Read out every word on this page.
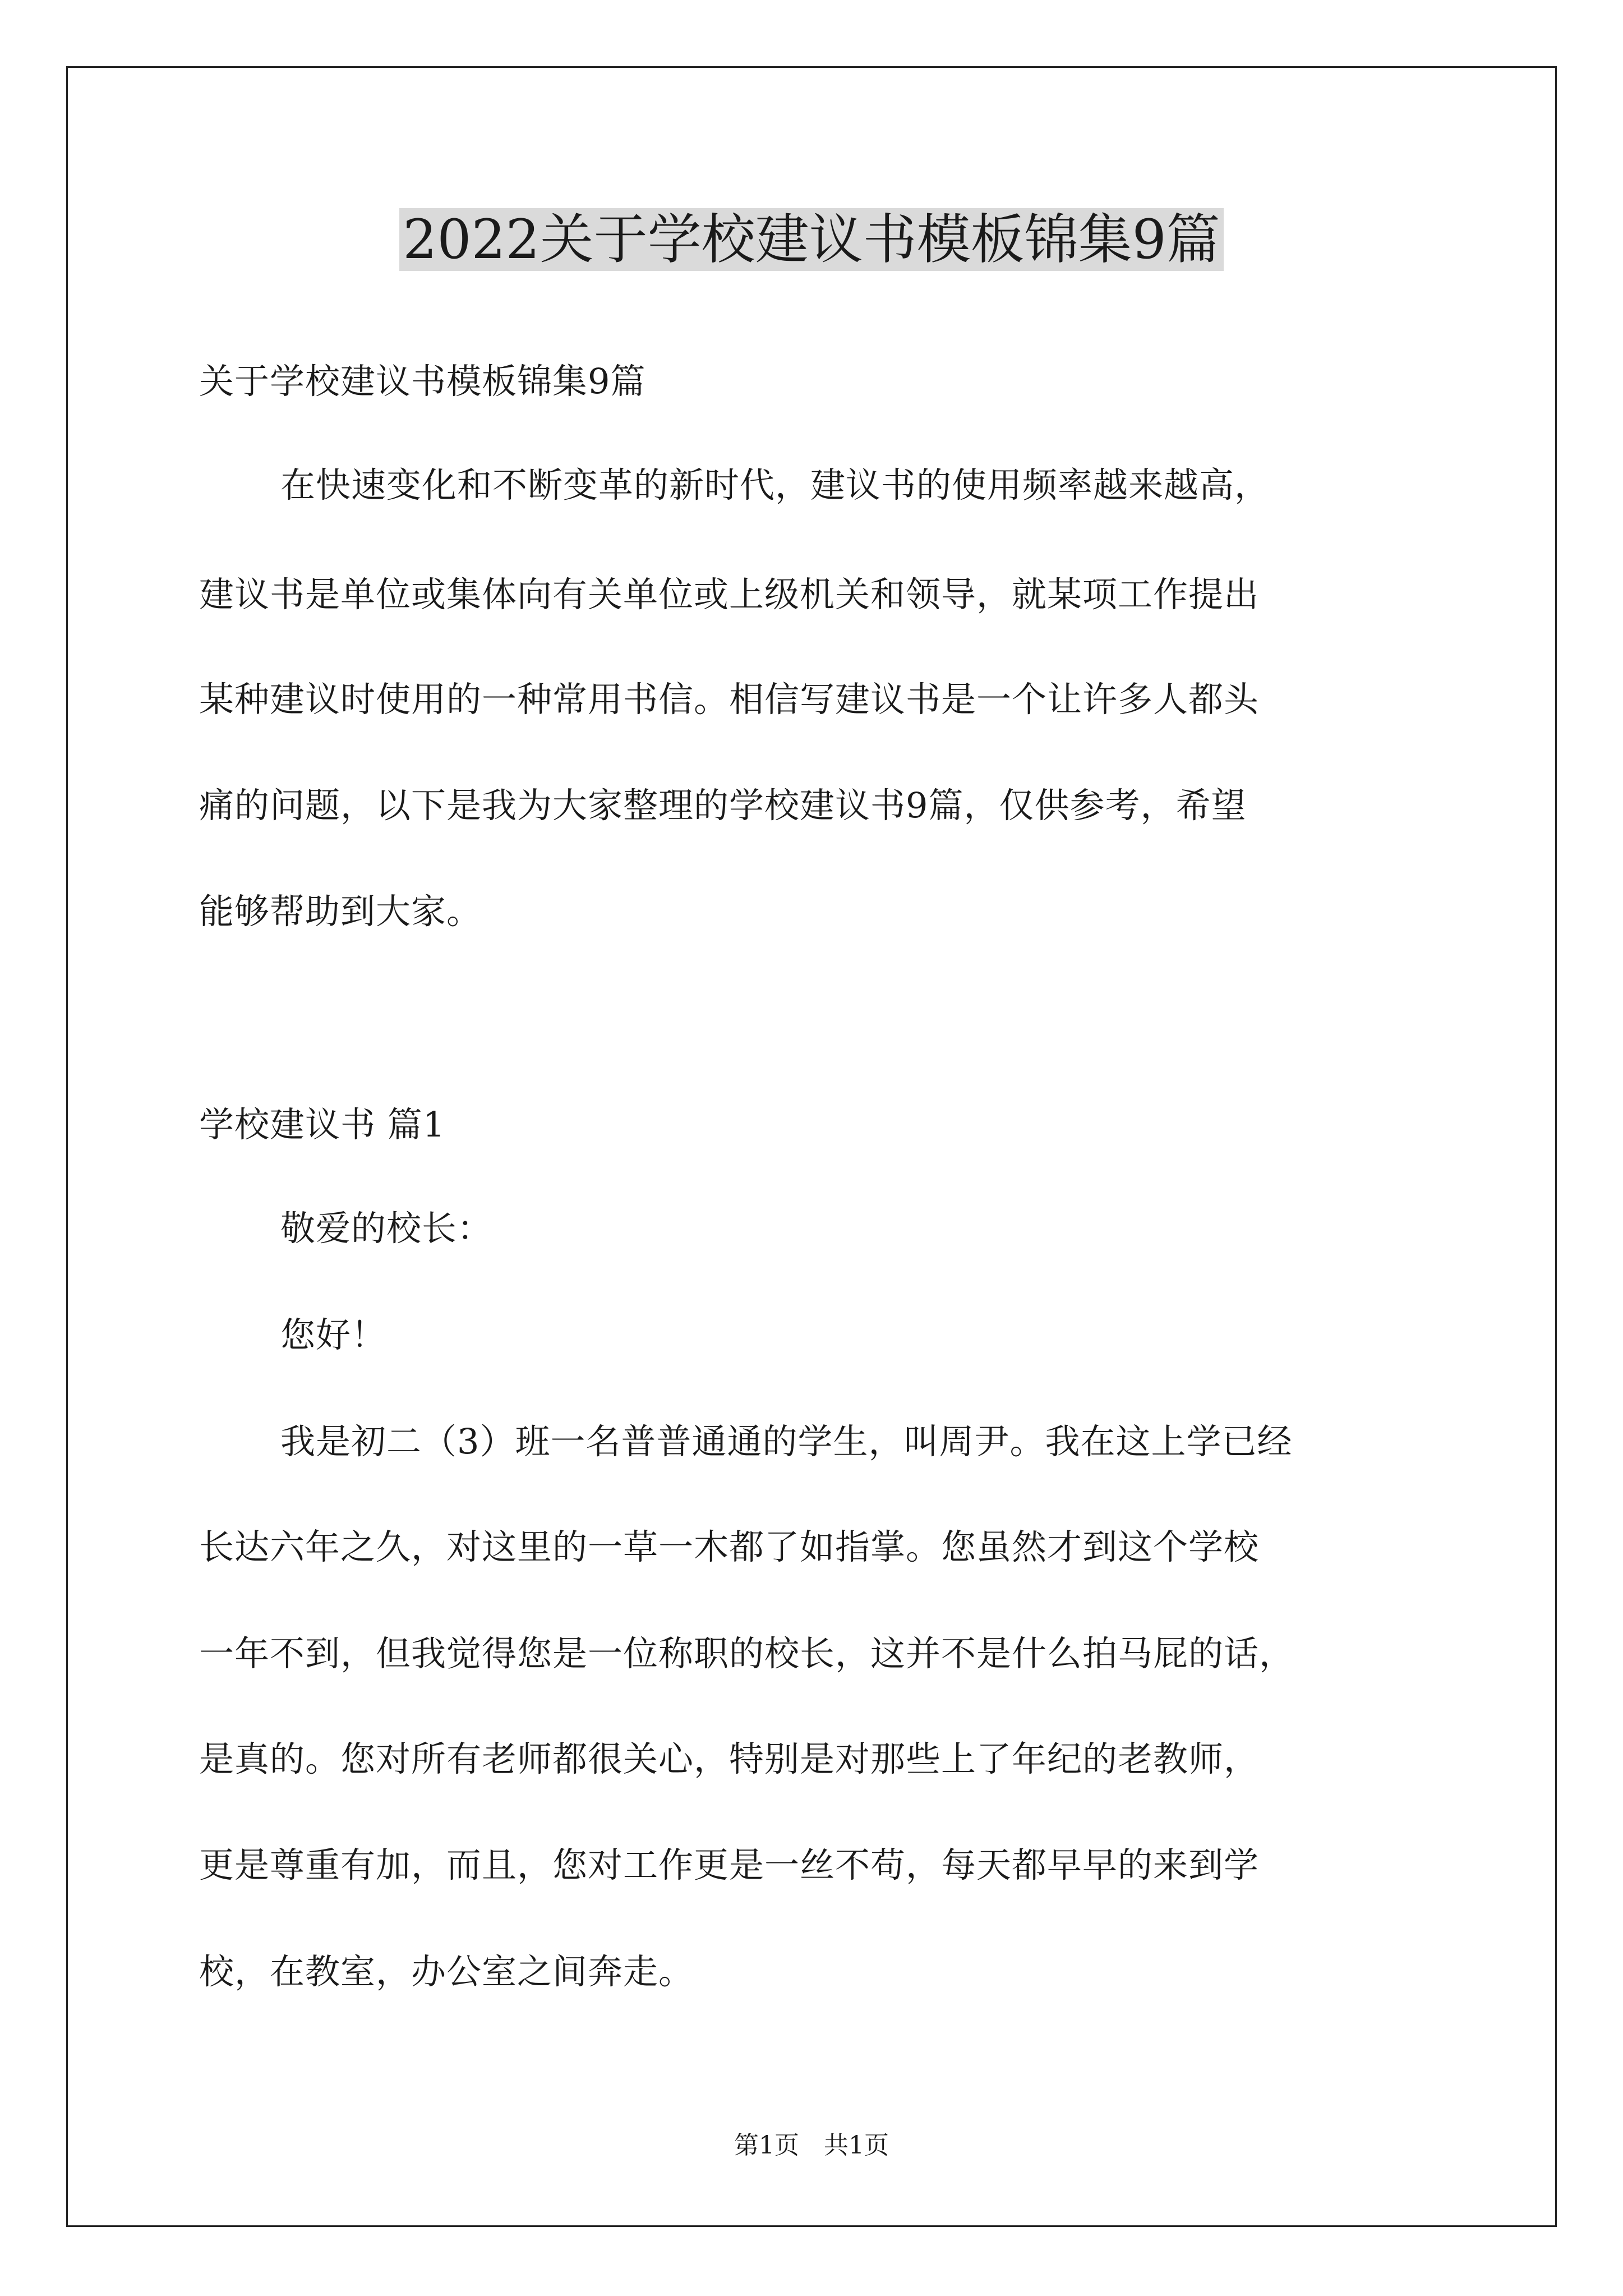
2022关于学校建议书模板锦集9篇
关于学校建议书模板锦集9篇
在快速变化和不断变革的新时代，建议书的使用频率越来越高，
建议书是单位或集体向有关单位或上级机关和领导，就某项工作提出
某种建议时使用的一种常用书信。相信写建议书是一个让许多人都头
痛的问题，以下是我为大家整理的学校建议书9篇，仅供参考，希望
能够帮助到大家。
学校建议书 篇1
敬爱的校长：
您好！
我是初二（3）班一名普普通通的学生，叫周尹。我在这上学已经
长达六年之久，对这里的一草一木都了如指掌。您虽然才到这个学校
一年不到，但我觉得您是一位称职的校长，这并不是什么拍马屁的话，
是真的。您对所有老师都很关心，特别是对那些上了年纪的老教师，
更是尊重有加，而且，您对工作更是一丝不苟，每天都早早的来到学
校，在教室，办公室之间奔走。
第1页　共1页
